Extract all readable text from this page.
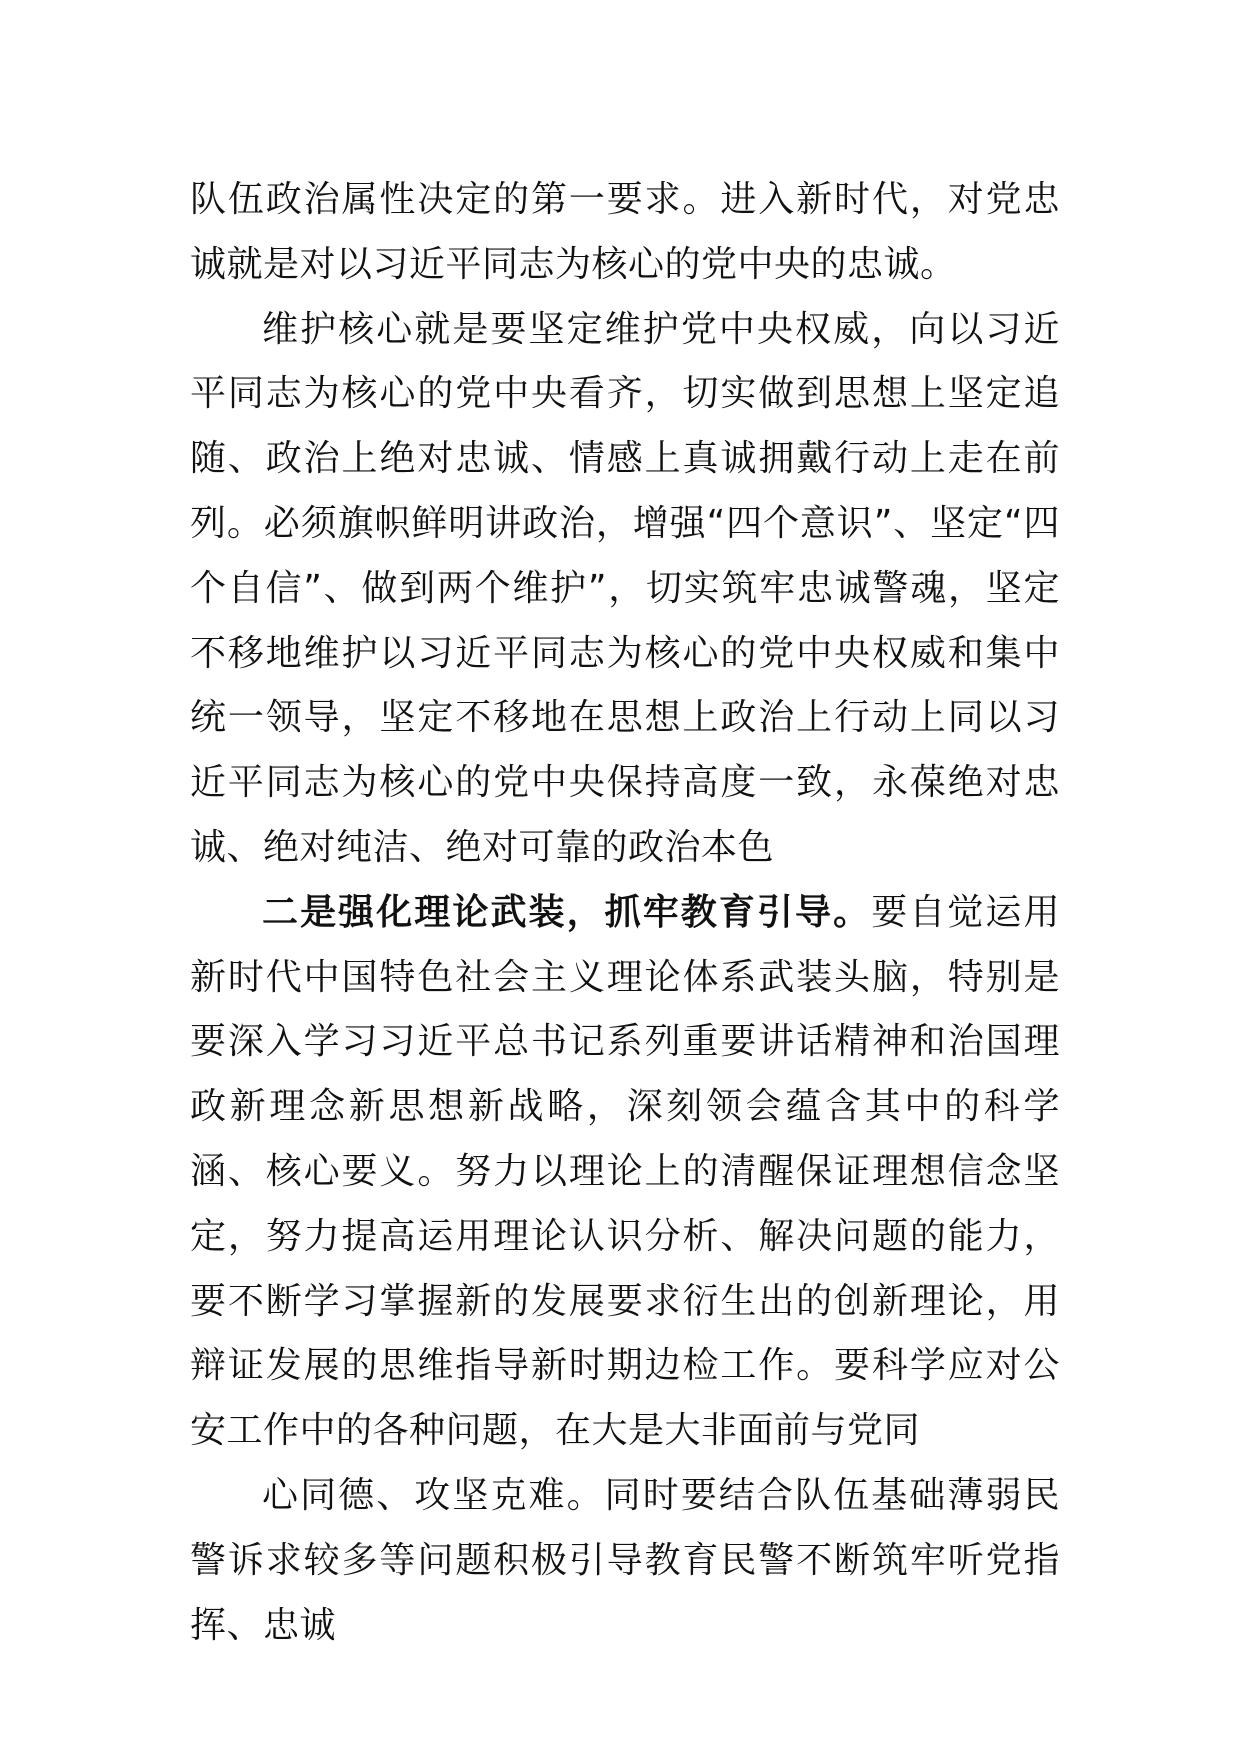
队伍政治属性决定的第一要求。进入新时代，对党忠诚就是对以习近平同志为核心的党中央的忠诚。

维护核心就是要坚定维护党中央权威，向以习近平同志为核心的党中央看齐，切实做到思想上坚定追随、政治上绝对忠诚、情感上真诚拥戴行动上走在前列。必须旗帜鲜明讲政治，增强“四个意识”、坚定“四个自信”、做到两个维护”，切实筑牢忠诚警魂，坚定不移地维护以习近平同志为核心的党中央权威和集中统一领导，坚定不移地在思想上政治上行动上同以习近平同志为核心的党中央保持高度一致，永葆绝对忠诚、绝对纯洁、绝对可靠的政治本色

二是强化理论武装，抓牢教育引导。要自觉运用新时代中国特色社会主义理论体系武装头脑，特别是要深入学习习近平总书记系列重要讲话精神和治国理政新理念新思想新战略，深刻领会蕴含其中的科学涵、核心要义。努力以理论上的清醒保证理想信念坚定，努力提高运用理论认识分析、解决问题的能力，要不断学习掌握新的发展要求衍生出的创新理论，用辩证发展的思维指导新时期边检工作。要科学应对公安工作中的各种问题，在大是大非面前与党同

心同德、攻坚克难。同时要结合队伍基础薄弱民警诉求较多等问题积极引导教育民警不断筑牢听党指挥、忠诚
